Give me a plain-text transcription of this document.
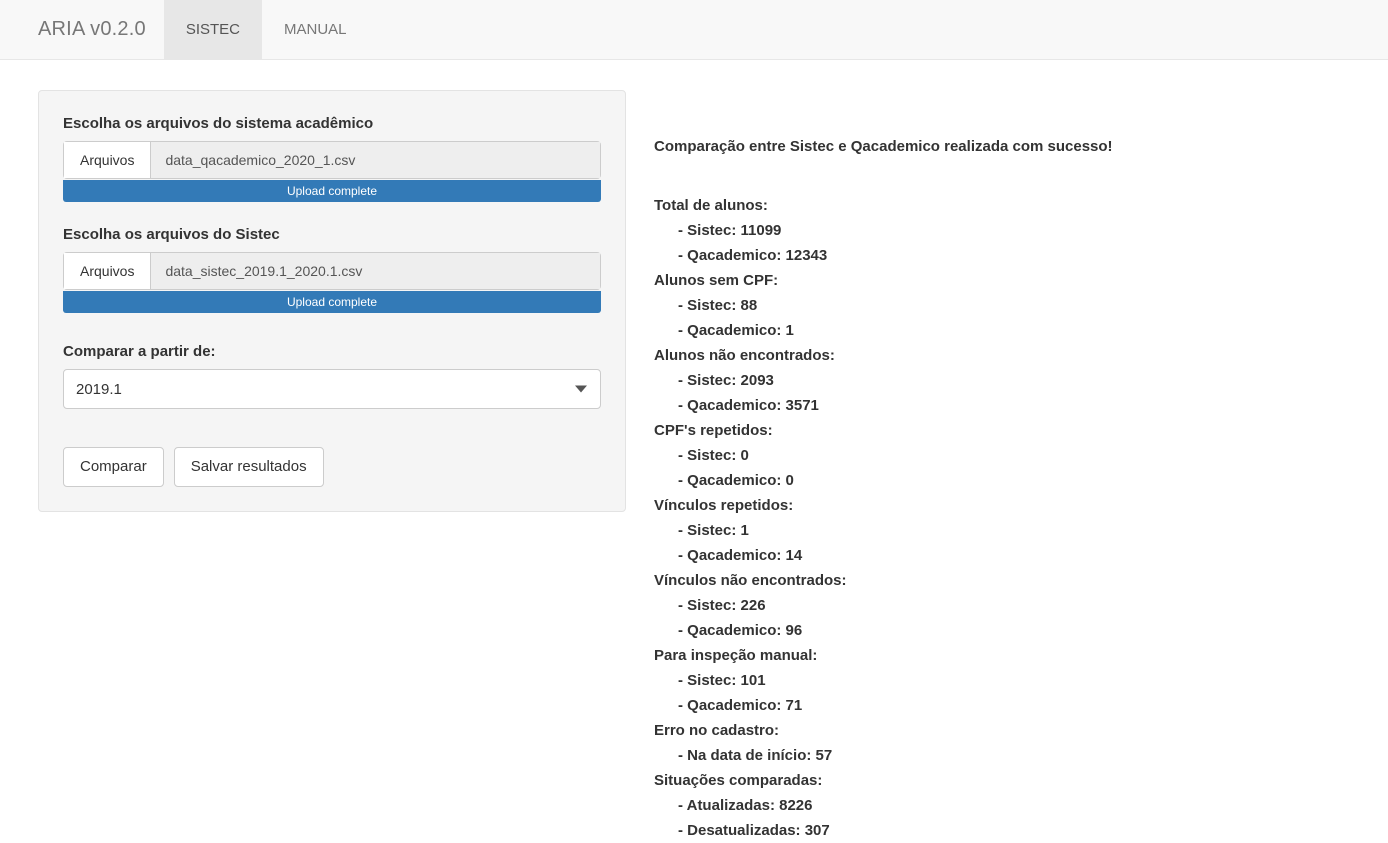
ARIA v0.2.0	SISTEC	MANUAL
Escolha os arquivos do sistema acadêmico
Arquivos	data_qacademico_2020_1.csv
Upload complete
Escolha os arquivos do Sistec
Arquivos	data_sistec_2019.1_2020.1.csv
Upload complete
Comparar a partir de:
2019.1
Comparar	Salvar resultados
Comparação entre Sistec e Qacademico realizada com sucesso!
Total de alunos:
- Sistec: 11099
- Qacademico: 12343
Alunos sem CPF:
- Sistec: 88
- Qacademico: 1
Alunos não encontrados:
- Sistec: 2093
- Qacademico: 3571
CPF's repetidos:
- Sistec: 0
- Qacademico: 0
Vínculos repetidos:
- Sistec: 1
- Qacademico: 14
Vínculos não encontrados:
- Sistec: 226
- Qacademico: 96
Para inspeção manual:
- Sistec: 101
- Qacademico: 71
Erro no cadastro:
- Na data de início: 57
Situações comparadas:
- Atualizadas: 8226
- Desatualizadas: 307
